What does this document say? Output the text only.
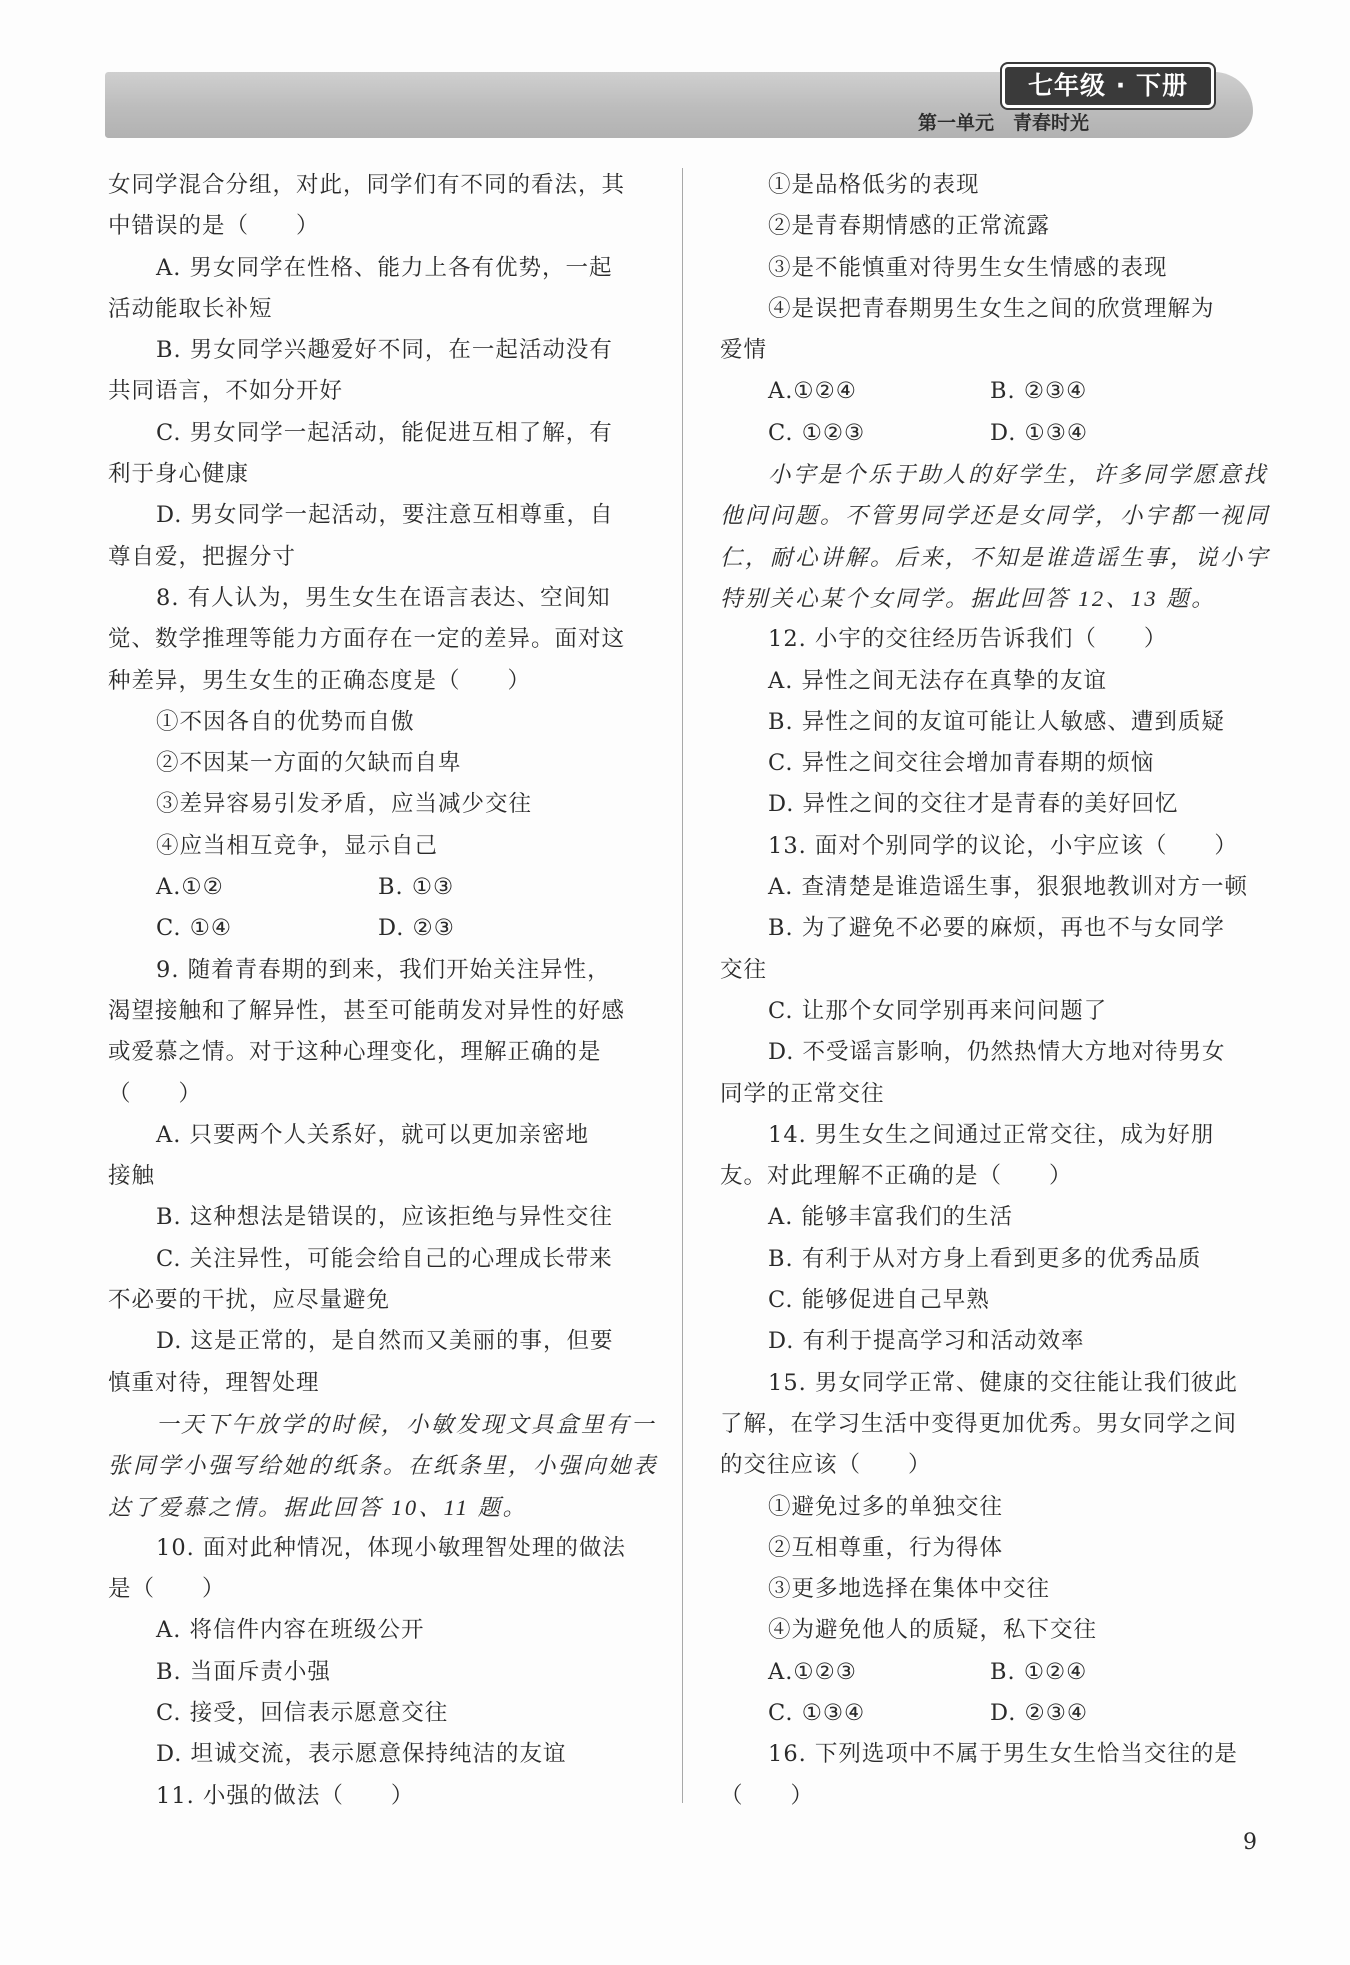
七年级 · 下册
第一单元　青春时光
女同学混合分组，对此，同学们有不同的看法，其
中错误的是（　　）
A. 男女同学在性格、能力上各有优势，一起
活动能取长补短
B. 男女同学兴趣爱好不同，在一起活动没有
共同语言，不如分开好
C. 男女同学一起活动，能促进互相了解，有
利于身心健康
D. 男女同学一起活动，要注意互相尊重，自
尊自爱，把握分寸
8. 有人认为，男生女生在语言表达、空间知
觉、数学推理等能力方面存在一定的差异。面对这
种差异，男生女生的正确态度是（　　）
①不因各自的优势而自傲
②不因某一方面的欠缺而自卑
③差异容易引发矛盾，应当减少交往
④应当相互竞争，显示自己
A.①②	B. ①③
C. ①④	D. ②③
9. 随着青春期的到来，我们开始关注异性，
渴望接触和了解异性，甚至可能萌发对异性的好感
或爱慕之情。对于这种心理变化，理解正确的是
（　　）
A. 只要两个人关系好，就可以更加亲密地
接触
B. 这种想法是错误的，应该拒绝与异性交往
C. 关注异性，可能会给自己的心理成长带来
不必要的干扰，应尽量避免
D. 这是正常的，是自然而又美丽的事，但要
慎重对待，理智处理
一天下午放学的时候，小敏发现文具盒里有一
张同学小强写给她的纸条。在纸条里，小强向她表
达了爱慕之情。据此回答 10、11 题。
10. 面对此种情况，体现小敏理智处理的做法
是（　　）
A. 将信件内容在班级公开
B. 当面斥责小强
C. 接受，回信表示愿意交往
D. 坦诚交流，表示愿意保持纯洁的友谊
11. 小强的做法（　　）
①是品格低劣的表现
②是青春期情感的正常流露
③是不能慎重对待男生女生情感的表现
④是误把青春期男生女生之间的欣赏理解为
爱情
A.①②④	B. ②③④
C. ①②③	D. ①③④
小宇是个乐于助人的好学生，许多同学愿意找
他问问题。不管男同学还是女同学，小宇都一视同
仁，耐心讲解。后来，不知是谁造谣生事，说小宇
特别关心某个女同学。据此回答 12、13 题。
12. 小宇的交往经历告诉我们（　　）
A. 异性之间无法存在真挚的友谊
B. 异性之间的友谊可能让人敏感、遭到质疑
C. 异性之间交往会增加青春期的烦恼
D. 异性之间的交往才是青春的美好回忆
13. 面对个别同学的议论，小宇应该（　　）
A. 查清楚是谁造谣生事，狠狠地教训对方一顿
B. 为了避免不必要的麻烦，再也不与女同学
交往
C. 让那个女同学别再来问问题了
D. 不受谣言影响，仍然热情大方地对待男女
同学的正常交往
14. 男生女生之间通过正常交往，成为好朋
友。对此理解不正确的是（　　）
A. 能够丰富我们的生活
B. 有利于从对方身上看到更多的优秀品质
C. 能够促进自己早熟
D. 有利于提高学习和活动效率
15. 男女同学正常、健康的交往能让我们彼此
了解，在学习生活中变得更加优秀。男女同学之间
的交往应该（　　）
①避免过多的单独交往
②互相尊重，行为得体
③更多地选择在集体中交往
④为避免他人的质疑，私下交往
A.①②③	B. ①②④
C. ①③④	D. ②③④
16. 下列选项中不属于男生女生恰当交往的是
（　　）
9
